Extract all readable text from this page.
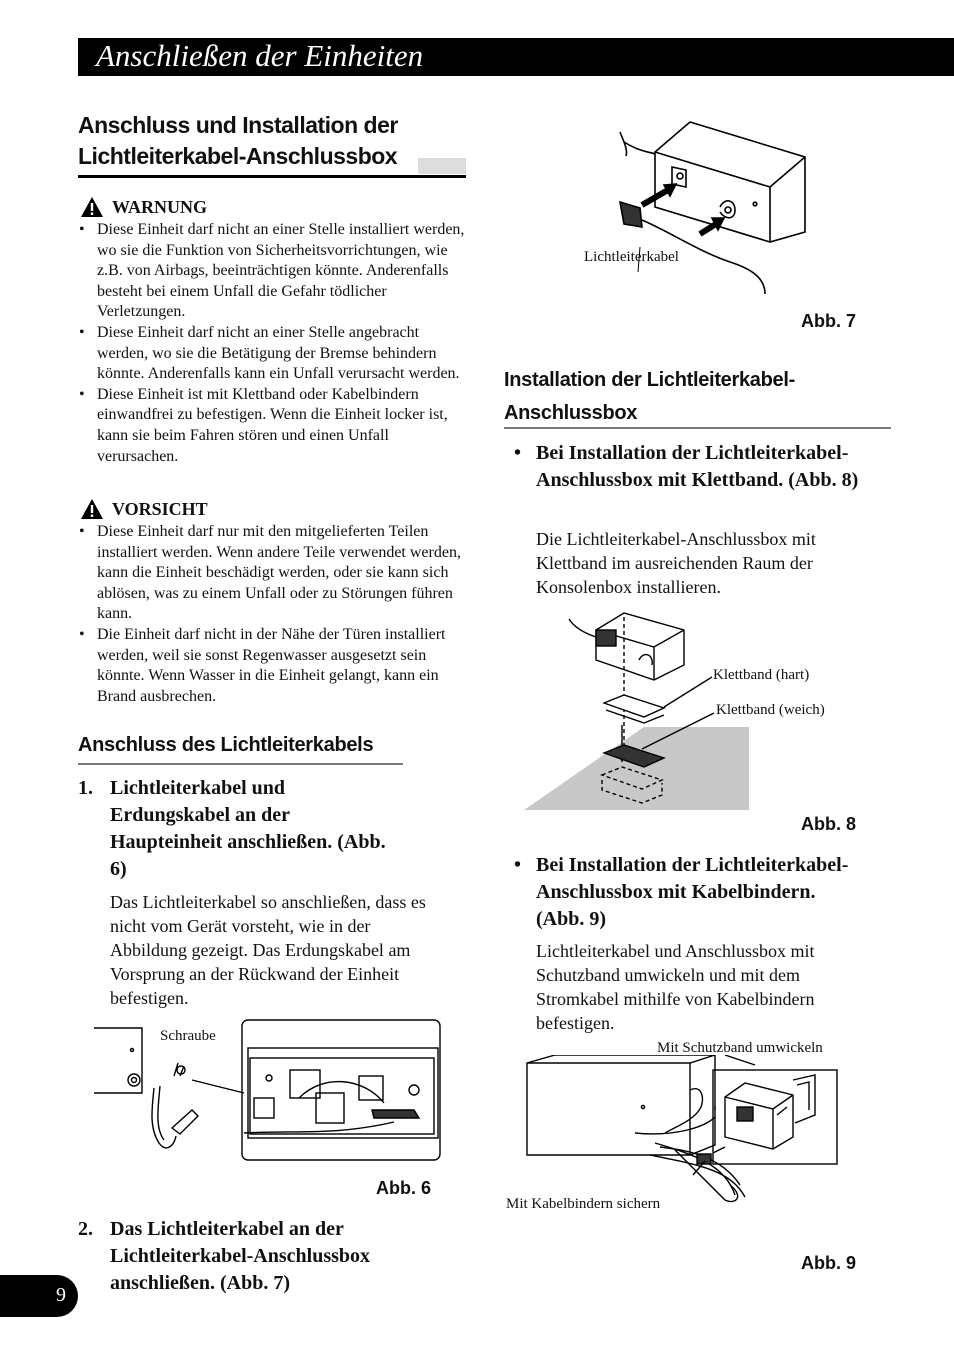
Anschließen der Einheiten
Anschluss und Installation der Lichtleiterkabel-Anschlussbox
WARNUNG
• Diese Einheit darf nicht an einer Stelle installiert werden, wo sie die Funktion von Sicherheitsvorrichtungen, wie z.B. von Airbags, beeinträchtigen könnte. Anderenfalls besteht bei einem Unfall die Gefahr tödlicher Verletzungen.
• Diese Einheit darf nicht an einer Stelle angebracht werden, wo sie die Betätigung der Bremse behindern könnte. Anderenfalls kann ein Unfall verursacht werden.
• Diese Einheit ist mit Klettband oder Kabelbindern einwandfrei zu befestigen. Wenn die Einheit locker ist, kann sie beim Fahren stören und einen Unfall verursachen.
VORSICHT
• Diese Einheit darf nur mit den mitgelieferten Teilen installiert werden. Wenn andere Teile verwendet werden, kann die Einheit beschädigt werden, oder sie kann sich ablösen, was zu einem Unfall oder zu Störungen führen kann.
• Die Einheit darf nicht in der Nähe der Türen installiert werden, weil sie sonst Regenwasser ausgesetzt sein könnte. Wenn Wasser in die Einheit gelangt, kann ein Brand ausbrechen.
Anschluss des Lichtleiterkabels
1. Lichtleiterkabel und Erdungskabel an der Haupteinheit anschließen. (Abb. 6)
Das Lichtleiterkabel so anschließen, dass es nicht vom Gerät vorsteht, wie in der Abbildung gezeigt. Das Erdungskabel am Vorsprung an der Rückwand der Einheit befestigen.
Schraube
Abb. 6
2. Das Lichtleiterkabel an der Lichtleiterkabel-Anschlussbox anschließen. (Abb. 7)
Lichtleiterkabel
Abb. 7
Installation der Lichtleiterkabel-Anschlussbox
• Bei Installation der Lichtleiterkabel-Anschlussbox mit Klettband. (Abb. 8)
Die Lichtleiterkabel-Anschlussbox mit Klettband im ausreichenden Raum der Konsolenbox installieren.
Klettband (hart)
Klettband (weich)
Abb. 8
• Bei Installation der Lichtleiterkabel-Anschlussbox mit Kabelbindern. (Abb. 9)
Lichtleiterkabel und Anschlussbox mit Schutzband umwickeln und mit dem Stromkabel mithilfe von Kabelbindern befestigen.
Mit Schutzband umwickeln
Mit Kabelbindern sichern
Abb. 9
9
